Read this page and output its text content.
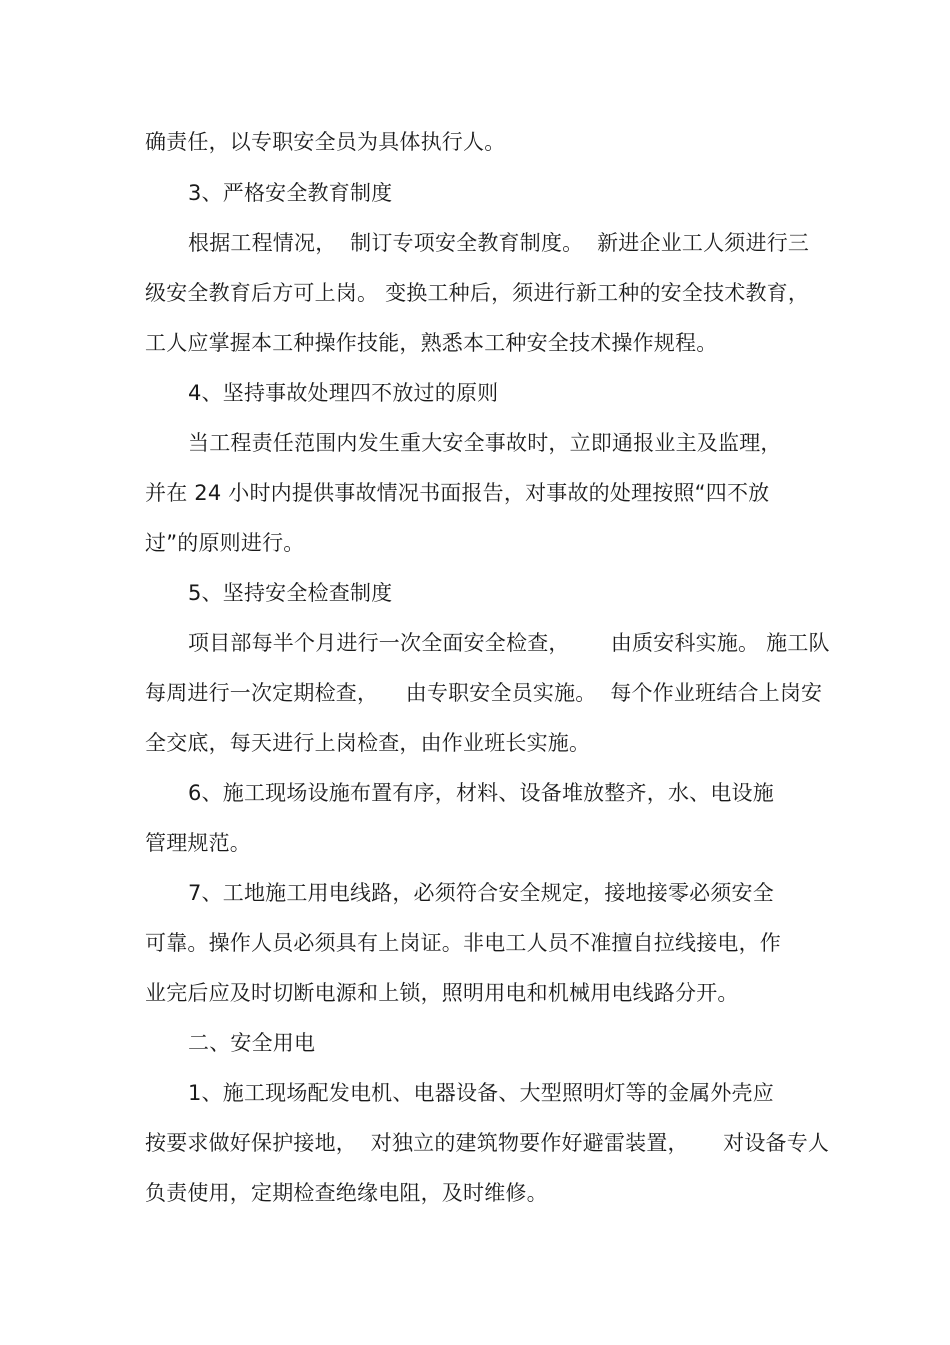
确责任，以专职安全员为具体执行人。
3、严格安全教育制度
根据工程情况，  制订专项安全教育制度。  新进企业工人须进行三
级安全教育后方可上岗。 变换工种后，须进行新工种的安全技术教育，
工人应掌握本工种操作技能，熟悉本工种安全技术操作规程。
4、坚持事故处理四不放过的原则
当工程责任范围内发生重大安全事故时，立即通报业主及监理，
并在 24 小时内提供事故情况书面报告，对事故的处理按照“四不放
过”的原则进行。
5、坚持安全检查制度
项目部每半个月进行一次全面安全检查，      由质安科实施。 施工队
每周进行一次定期检查，    由专职安全员实施。  每个作业班结合上岗安
全交底，每天进行上岗检查，由作业班长实施。
6、施工现场设施布置有序，材料、设备堆放整齐，水、电设施
管理规范。
7、工地施工用电线路，必须符合安全规定，接地接零必须安全
可靠。操作人员必须具有上岗证。非电工人员不准擅自拉线接电，作
业完后应及时切断电源和上锁，照明用电和机械用电线路分开。
二、安全用电
1、施工现场配发电机、电器设备、大型照明灯等的金属外壳应
按要求做好保护接地，  对独立的建筑物要作好避雷装置，     对设备专人
负责使用，定期检查绝缘电阻，及时维修。
